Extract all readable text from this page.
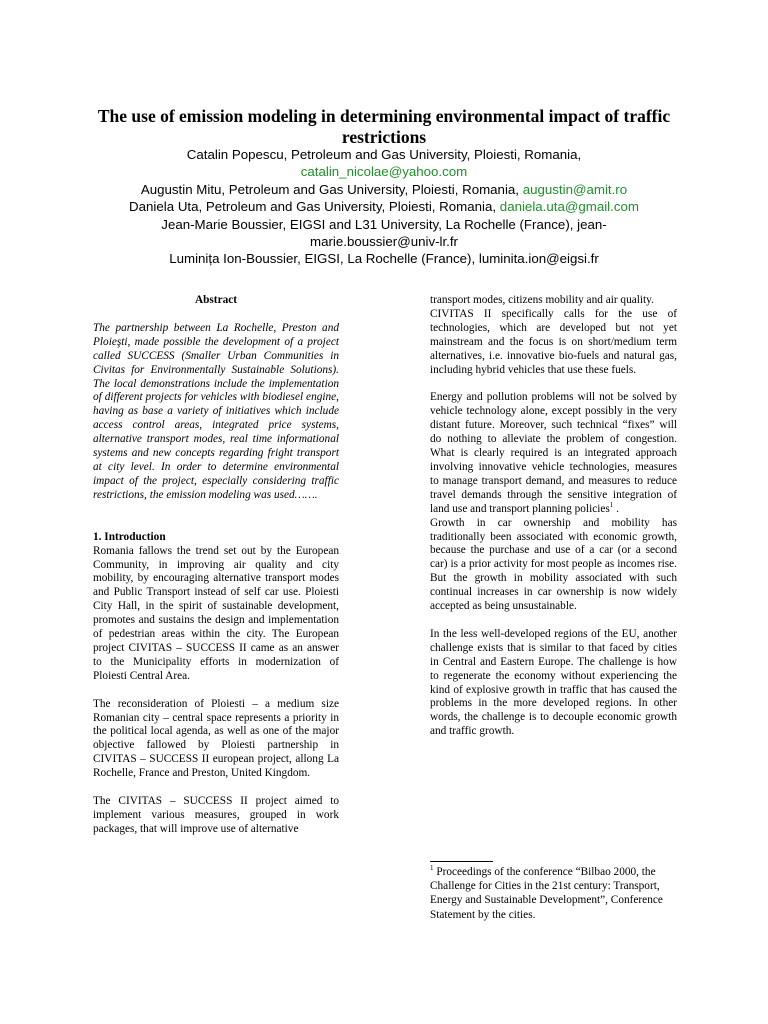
The use of emission modeling in determining environmental impact of traffic restrictions
Catalin Popescu, Petroleum and Gas University, Ploiesti, Romania,
catalin_nicolae@yahoo.com
Augustin Mitu, Petroleum and Gas University, Ploiesti, Romania, augustin@amit.ro
Daniela Uta, Petroleum and Gas University, Ploiesti, Romania, daniela.uta@gmail.com
Jean-Marie Boussier, EIGSI and L31 University, La Rochelle (France), jean-marie.boussier@univ-lr.fr
Luminița Ion-Boussier, EIGSI, La Rochelle (France), luminita.ion@eigsi.fr

Abstract

The partnership between La Rochelle, Preston and Ploieşti, made possible the development of a project called SUCCESS (Smaller Urban Communities in Civitas for Environmentally Sustainable Solutions). The local demonstrations include the implementation of different projects for vehicles with biodiesel engine, having as base a variety of initiatives which include access control areas, integrated price systems, alternative transport modes, real time informational systems and new concepts regarding fright transport at city level. In order to determine environmental impact of the project, especially considering traffic restrictions, the emission modeling was used…….

1. Introduction

Romania fallows the trend set out by the European Community, in improving air quality and city mobility, by encouraging alternative transport modes and Public Transport instead of self car use. Ploiesti City Hall, in the spirit of sustainable development, promotes and sustains the design and implementation of pedestrian areas within the city. The European project CIVITAS – SUCCESS II came as an answer to the Municipality efforts in modernization of Ploiesti Central Area.

The reconsideration of Ploiesti – a medium size Romanian city – central space represents a priority in the political local agenda, as well as one of the major objective fallowed by Ploiesti partnership in CIVITAS – SUCCESS II european project, allong La Rochelle, France and Preston, United Kingdom.

The CIVITAS – SUCCESS II project aimed to implement various measures, grouped in work packages, that will improve use of alternative

transport modes, citizens mobility and air quality.

CIVITAS II specifically calls for the use of technologies, which are developed but not yet mainstream and the focus is on short/medium term alternatives, i.e. innovative bio-fuels and natural gas, including hybrid vehicles that use these fuels.

Energy and pollution problems will not be solved by vehicle technology alone, except possibly in the very distant future. Moreover, such technical “fixes” will do nothing to alleviate the problem of congestion. What is clearly required is an integrated approach involving innovative vehicle technologies, measures to manage transport demand, and measures to reduce travel demands through the sensitive integration of land use and transport planning policies$^1$ .

Growth in car ownership and mobility has traditionally been associated with economic growth, because the purchase and use of a car (or a second car) is a prior activity for most people as incomes rise. But the growth in mobility associated with such continual increases in car ownership is now widely accepted as being unsustainable.

In the less well-developed regions of the EU, another challenge exists that is similar to that faced by cities in Central and Eastern Europe. The challenge is how to regenerate the economy without experiencing the kind of explosive growth in traffic that has caused the problems in the more developed regions. In other words, the challenge is to decouple economic growth and traffic growth.

$^1$ Proceedings of the conference “Bilbao 2000, the Challenge for Cities in the 21st century: Transport, Energy and Sustainable Development”, Conference Statement by the cities.
